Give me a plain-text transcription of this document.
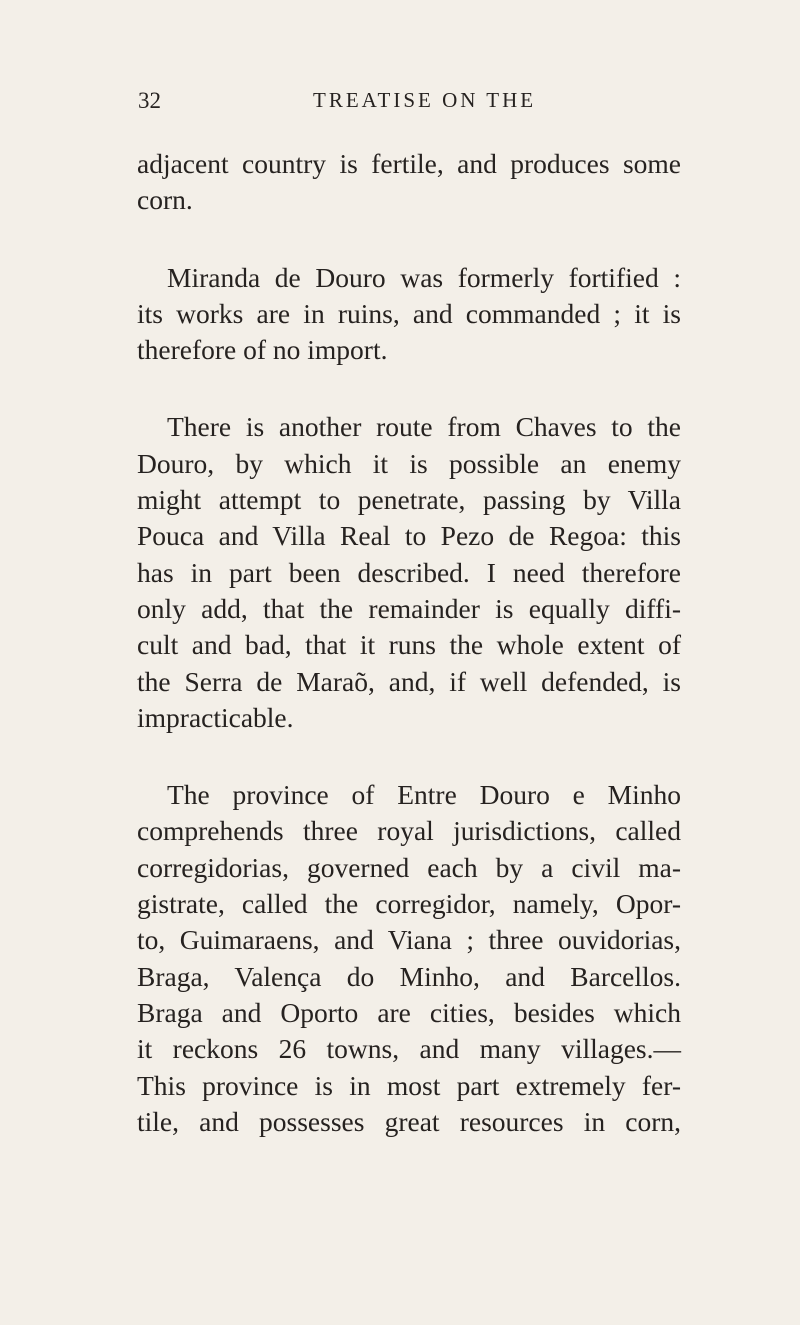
32	TREATISE ON THE
adjacent country is fertile, and produces some
corn.
Miranda de Douro was formerly fortified :
its works are in ruins, and commanded ; it is
therefore of no import.
There is another route from Chaves to the
Douro, by which it is possible an enemy
might attempt to penetrate, passing by Villa
Pouca and Villa Real to Pezo de Regoa: this
has in part been described. I need therefore
only add, that the remainder is equally diffi-
cult and bad, that it runs the whole extent of
the Serra de Maraõ, and, if well defended, is
impracticable.
The province of Entre Douro e Minho
comprehends three royal jurisdictions, called
corregidorias, governed each by a civil ma-
gistrate, called the corregidor, namely, Opor-
to, Guimaraens, and Viana ; three ouvidorias,
Braga, Valença do Minho, and Barcellos.
Braga and Oporto are cities, besides which
it reckons 26 towns, and many villages.—
This province is in most part extremely fer-
tile, and possesses great resources in corn,
